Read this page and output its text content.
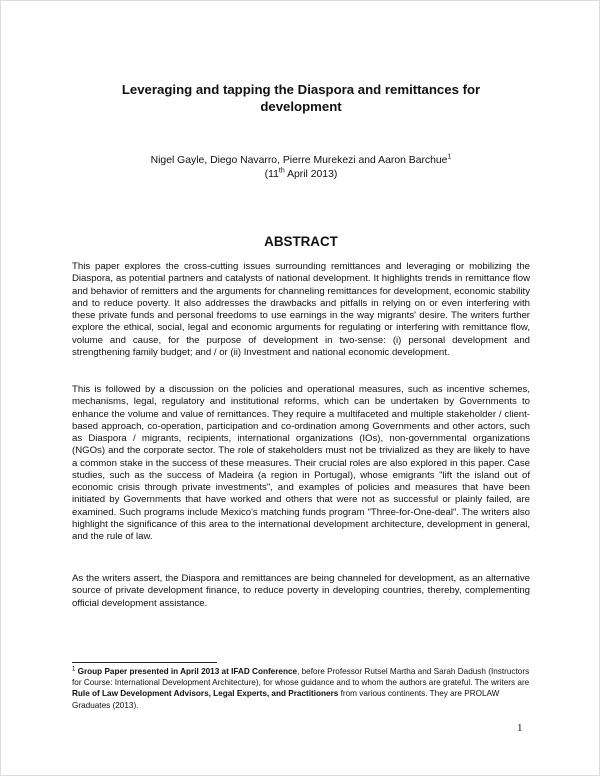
Leveraging and tapping the Diaspora and remittances for development
Nigel Gayle, Diego Navarro, Pierre Murekezi and Aaron Barchue$^1$
(11th April 2013)
ABSTRACT

This paper explores the cross-cutting issues surrounding remittances and leveraging or mobilizing the Diaspora, as potential partners and catalysts of national development. It highlights trends in remittance flow and behavior of remitters and the arguments for channeling remittances for development, economic stability and to reduce poverty. It also addresses the drawbacks and pitfalls in relying on or even interfering with these private funds and personal freedoms to use earnings in the way migrants' desire. The writers further explore the ethical, social, legal and economic arguments for regulating or interfering with remittance flow, volume and cause, for the purpose of development in two-sense: (i) personal development and strengthening family budget; and / or (ii) Investment and national economic development.

This is followed by a discussion on the policies and operational measures, such as incentive schemes, mechanisms, legal, regulatory and institutional reforms, which can be undertaken by Governments to enhance the volume and value of remittances. They require a multifaceted and multiple stakeholder / client-based approach, co-operation, participation and co-ordination among Governments and other actors, such as Diaspora / migrants, recipients, international organizations (IOs), non-governmental organizations (NGOs) and the corporate sector. The role of stakeholders must not be trivialized as they are likely to have a common stake in the success of these measures. Their crucial roles are also explored in this paper. Case studies, such as the success of Madeira (a region in Portugal), whose emigrants "lift the island out of economic crisis through private investments", and examples of policies and measures that have been initiated by Governments that have worked and others that were not as successful or plainly failed, are examined. Such programs include Mexico's matching funds program "Three-for-One-deal". The writers also highlight the significance of this area to the international development architecture, development in general, and the rule of law.

As the writers assert, the Diaspora and remittances are being channeled for development, as an alternative source of private development finance, to reduce poverty in developing countries, thereby, complementing official development assistance.

$^1$ Group Paper presented in April 2013 at IFAD Conference, before Professor Rutsel Martha and Sarah Dadush (Instructors for Course: International Development Architecture), for whose guidance and to whom the authors are grateful. The writers are Rule of Law Development Advisors, Legal Experts, and Practitioners from various continents. They are PROLAW Graduates (2013).

1
